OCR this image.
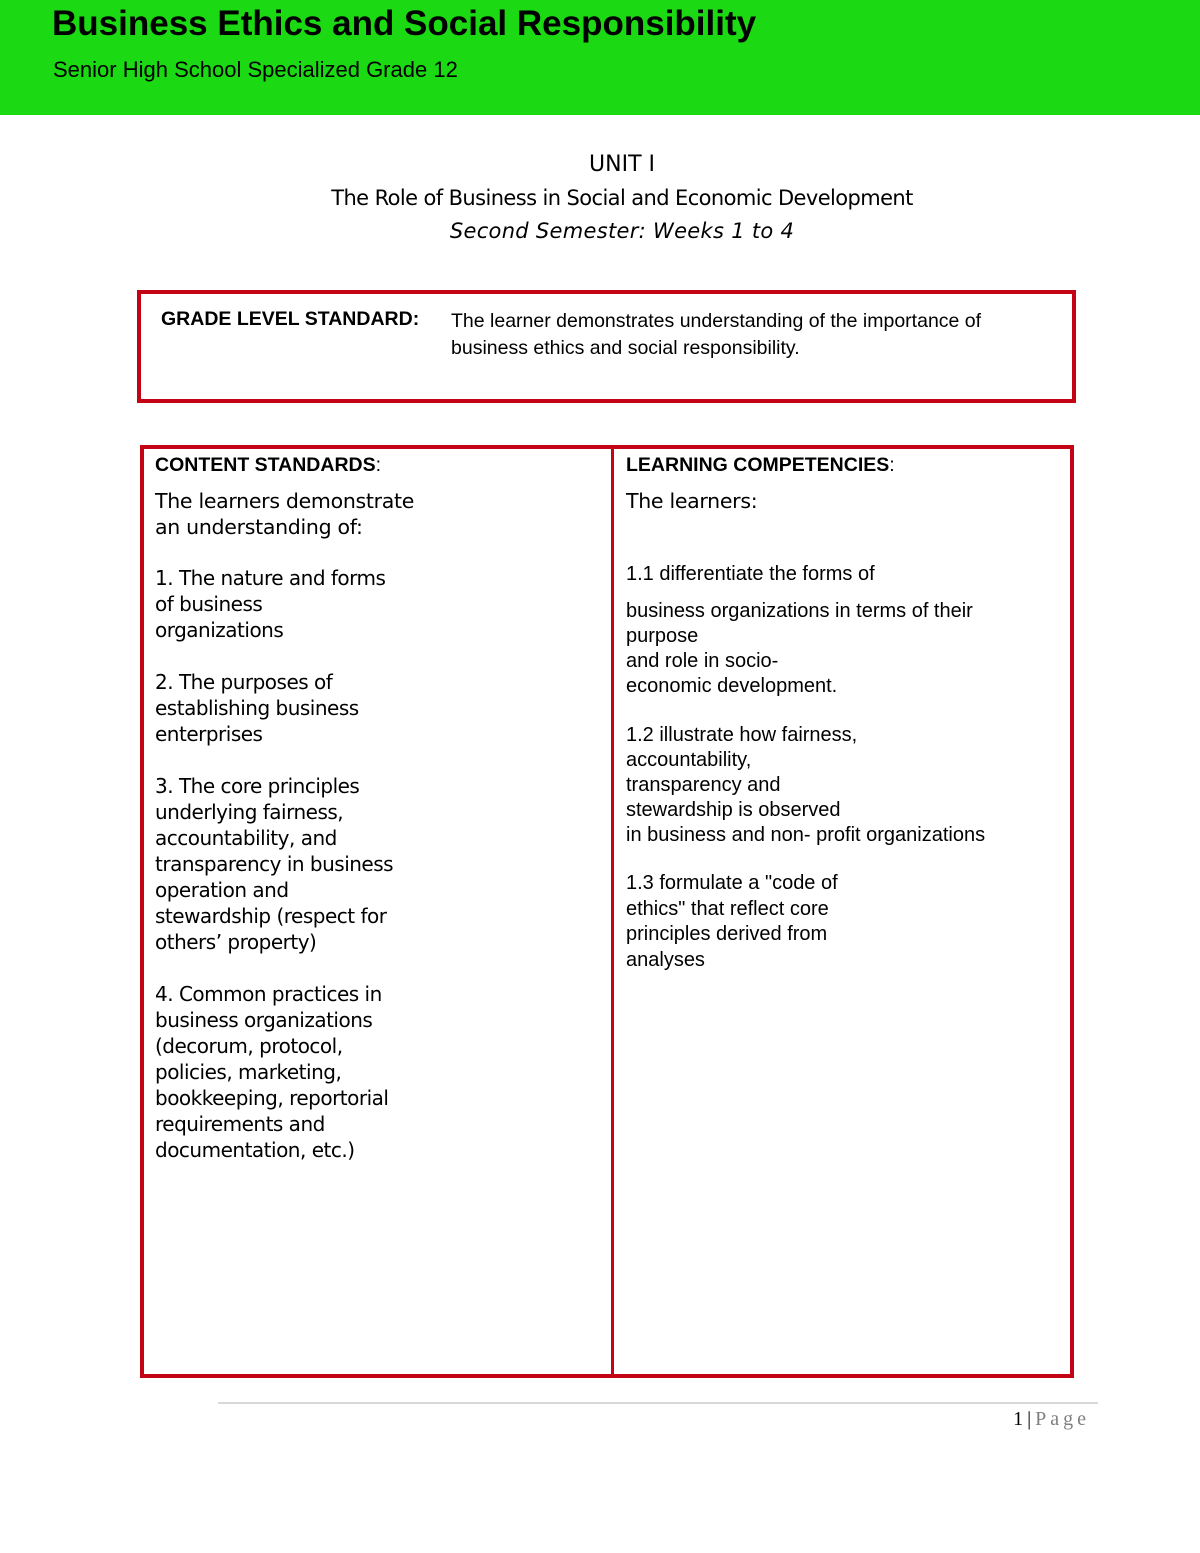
Business Ethics and Social Responsibility
Senior High School Specialized Grade 12
UNIT I
The Role of Business in Social and Economic Development
Second Semester: Weeks 1 to 4
GRADE LEVEL STANDARD: The learner demonstrates understanding of the importance of business ethics and social responsibility.
CONTENT STANDARDS:
The learners demonstrate an understanding of:
1. The nature and forms of business organizations
2. The purposes of establishing business enterprises
3. The core principles underlying fairness, accountability, and transparency in business operation and stewardship (respect for others’ property)
4. Common practices in business organizations (decorum, protocol, policies, marketing, bookkeeping, reportorial requirements and documentation, etc.)
LEARNING COMPETENCIES:
The learners:
1.1 differentiate the forms of
business organizations in terms of their
purpose
and role in socio-
economic development.
1.2 illustrate how fairness,
accountability,
transparency and
stewardship is observed
in business and non- profit organizations
1.3 formulate a "code of
ethics" that reflect core
principles derived from
analyses
1 | Page
